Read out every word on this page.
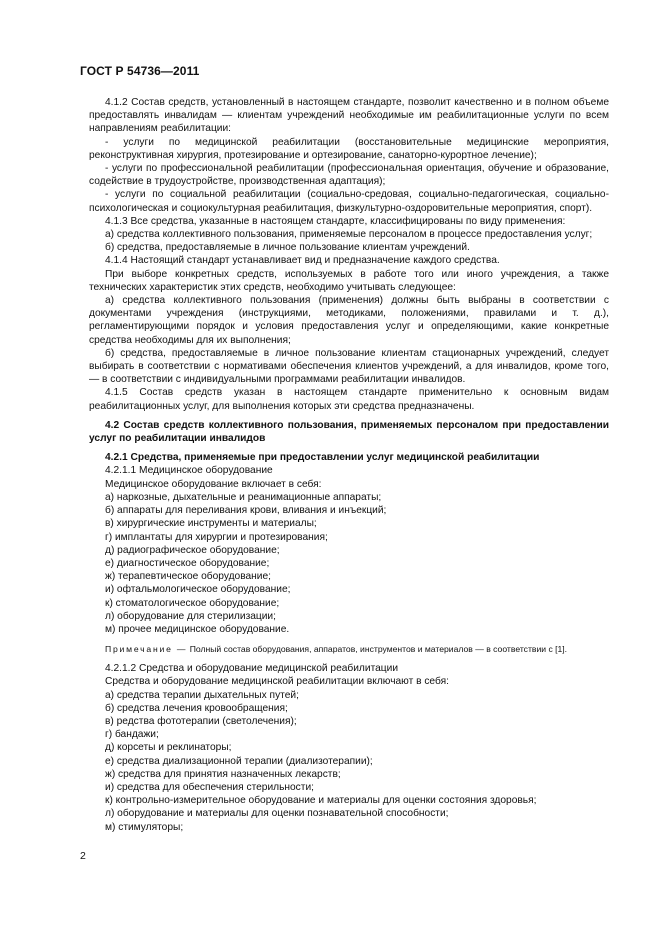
ГОСТ Р 54736—2011

4.1.2 Состав средств, установленный в настоящем стандарте, позволит качественно и в полном объеме предоставлять инвалидам — клиентам учреждений необходимые им реабилитационные услуги по всем направлениям реабилитации:

- услуги по медицинской реабилитации (восстановительные медицинские мероприятия, реконструктивная хирургия, протезирование и ортезирование, санаторно-курортное лечение);

- услуги по профессиональной реабилитации (профессиональная ориентация, обучение и образование, содействие в трудоустройстве, производственная адаптация);

- услуги по социальной реабилитации (социально-средовая, социально-педагогическая, социально-психологическая и социокультурная реабилитация, физкультурно-оздоровительные мероприятия, спорт).

4.1.3 Все средства, указанные в настоящем стандарте, классифицированы по виду применения:

а) средства коллективного пользования, применяемые персоналом в процессе предоставления услуг;

б) средства, предоставляемые в личное пользование клиентам учреждений.

4.1.4 Настоящий стандарт устанавливает вид и предназначение каждого средства.

При выборе конкретных средств, используемых в работе того или иного учреждения, а также технических характеристик этих средств, необходимо учитывать следующее:

а) средства коллективного пользования (применения) должны быть выбраны в соответствии с документами учреждения (инструкциями, методиками, положениями, правилами и т. д.), регламентирующими порядок и условия предоставления услуг и определяющими, какие конкретные средства необходимы для их выполнения;

б) средства, предоставляемые в личное пользование клиентам стационарных учреждений, следует выбирать в соответствии с нормативами обеспечения клиентов учреждений, а для инвалидов, кроме того, — в соответствии с индивидуальными программами реабилитации инвалидов.

4.1.5 Состав средств указан в настоящем стандарте применительно к основным видам реабилитационных услуг, для выполнения которых эти средства предназначены.

4.2 Состав средств коллективного пользования, применяемых персоналом при предоставлении услуг по реабилитации инвалидов

4.2.1 Средства, применяемые при предоставлении услуг медицинской реабилитации

4.2.1.1 Медицинское оборудование

Медицинское оборудование включает в себя:

а) наркозные, дыхательные и реанимационные аппараты;

б) аппараты для переливания крови, вливания и инъекций;

в) хирургические инструменты и материалы;

г) имплантаты для хирургии и протезирования;

д) радиографическое оборудование;

е) диагностическое оборудование;

ж) терапевтическое оборудование;

и) офтальмологическое оборудование;

к) стоматологическое оборудование;

л) оборудование для стерилизации;

м) прочее медицинское оборудование.

Примечание — Полный состав оборудования, аппаратов, инструментов и материалов — в соответствии с [1].

4.2.1.2 Средства и оборудование медицинской реабилитации

Средства и оборудование медицинской реабилитации включают в себя:

а) средства терапии дыхательных путей;

б) средства лечения кровообращения;

в) редства фототерапии (светолечения);

г) бандажи;

д) корсеты и реклинаторы;

е) средства диализационной терапии (диализотерапии);

ж) средства для принятия назначенных лекарств;

и) средства для обеспечения стерильности;

к) контрольно-измерительное оборудование и материалы для оценки состояния здоровья;

л) оборудование и материалы для оценки познавательной способности;

м) стимуляторы;

2
